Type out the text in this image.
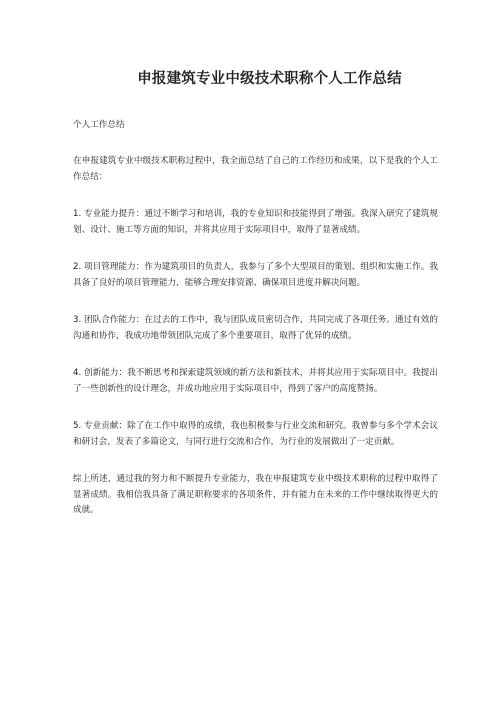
申报建筑专业中级技术职称个人工作总结

个人工作总结

在申报建筑专业中级技术职称过程中，我全面总结了自己的工作经历和成果，以下是我的个人工作总结：

1. 专业能力提升：通过不断学习和培训，我的专业知识和技能得到了增强。我深入研究了建筑规划、设计、施工等方面的知识，并将其应用于实际项目中，取得了显著成绩。

2. 项目管理能力：作为建筑项目的负责人，我参与了多个大型项目的策划、组织和实施工作。我具备了良好的项目管理能力，能够合理安排资源、确保项目进度并解决问题。

3. 团队合作能力：在过去的工作中，我与团队成员密切合作，共同完成了各项任务。通过有效的沟通和协作，我成功地带领团队完成了多个重要项目，取得了优异的成绩。

4. 创新能力：我不断思考和探索建筑领域的新方法和新技术，并将其应用于实际项目中。我提出了一些创新性的设计理念，并成功地应用于实际项目中，得到了客户的高度赞扬。

5. 专业贡献：除了在工作中取得的成绩，我也积极参与行业交流和研究。我曾参与多个学术会议和研讨会，发表了多篇论文，与同行进行交流和合作，为行业的发展做出了一定贡献。

综上所述，通过我的努力和不断提升专业能力，我在申报建筑专业中级技术职称的过程中取得了显著成绩。我相信我具备了满足职称要求的各项条件，并有能力在未来的工作中继续取得更大的成就。
